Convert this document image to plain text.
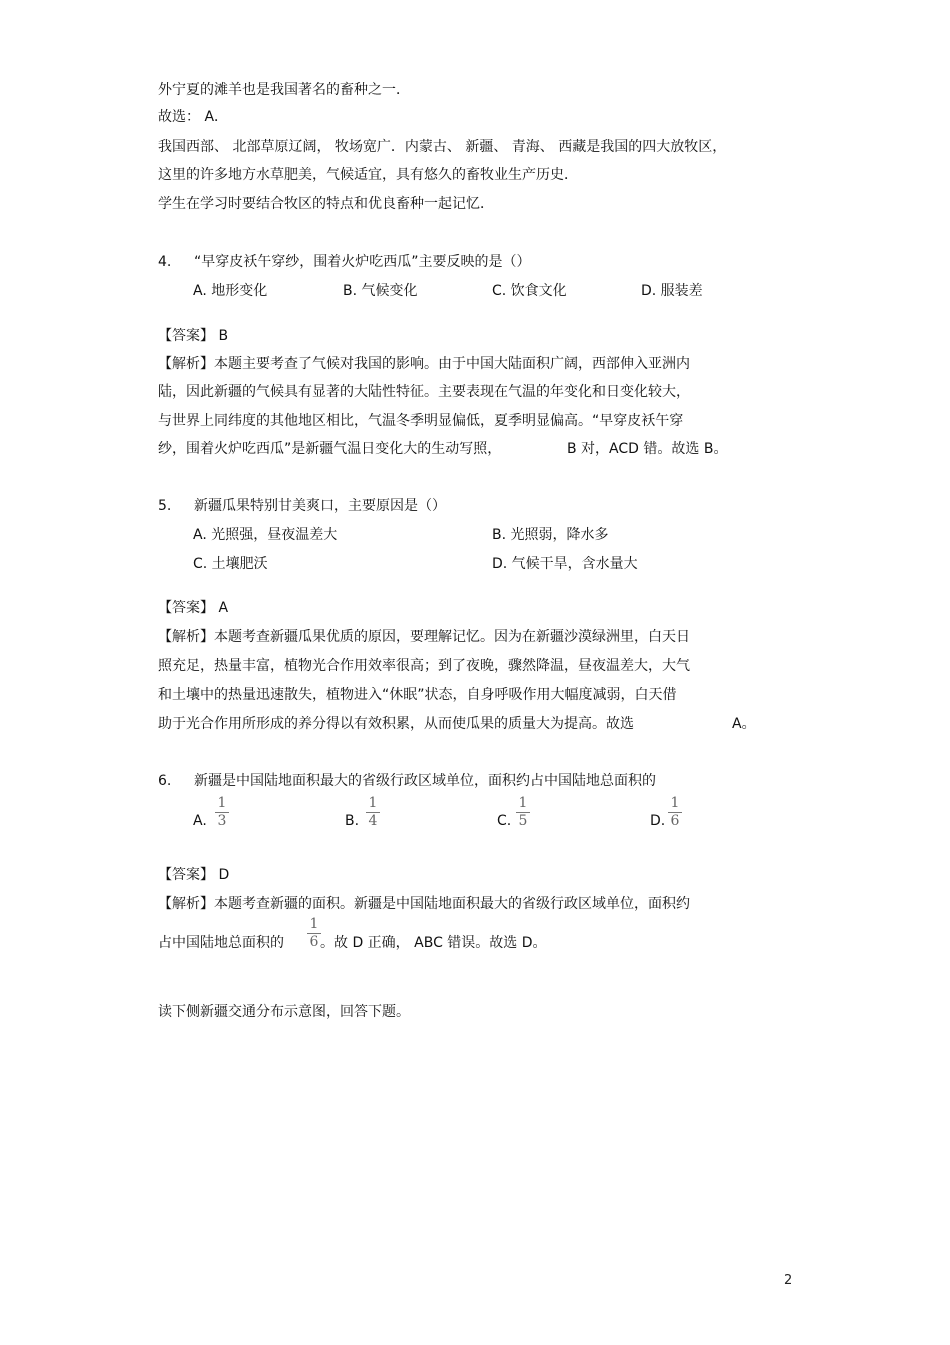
外宁夏的滩羊也是我国著名的畜种之一．
故选： A．
我国西部、 北部草原辽阔， 牧场宽广．内蒙古、 新疆、 青海、 西藏是我国的四大放牧区，
这里的许多地方水草肥美，气候适宜，具有悠久的畜牧业生产历史．
学生在学习时要结合牧区的特点和优良畜种一起记忆．
4. “早穿皮袄午穿纱，围着火炉吃西瓜”主要反映的是（）
A. 地形变化	B. 气候变化	C. 饮食文化	D. 服装差
【答案】 B
【解析】本题主要考查了气候对我国的影响。由于中国大陆面积广阔，西部伸入亚洲内
陆，因此新疆的气候具有显著的大陆性特征。主要表现在气温的年变化和日变化较大，
与世界上同纬度的其他地区相比，气温冬季明显偏低，夏季明显偏高。“早穿皮袄午穿
纱，围着火炉吃西瓜”是新疆气温日变化大的生动写照，	B 对，ACD 错。故选 B。
5. 新疆瓜果特别甘美爽口，主要原因是（）
A. 光照强，昼夜温差大	B. 光照弱，降水多
C. 土壤肥沃	D. 气候干旱，含水量大
【答案】 A
【解析】本题考查新疆瓜果优质的原因，要理解记忆。因为在新疆沙漠绿洲里，白天日
照充足，热量丰富，植物光合作用效率很高；到了夜晚，骤然降温，昼夜温差大，大气
和土壤中的热量迅速散失，植物进入“休眠”状态，自身呼吸作用大幅度减弱，白天借
助于光合作用所形成的养分得以有效积累，从而使瓜果的质量大为提高。故选	A。
6. 新疆是中国陆地面积最大的省级行政区域单位，面积约占中国陆地总面积的
A.
1
3	B.
1
4	C.
1
5	D.
1
6
【答案】 D
【解析】本题考查新疆的面积。新疆是中国陆地面积最大的省级行政区域单位，面积约
占中国陆地总面积的
1
6 。故 D 正确， ABC 错误。故选 D。
读下侧新疆交通分布示意图，回答下题。
2
